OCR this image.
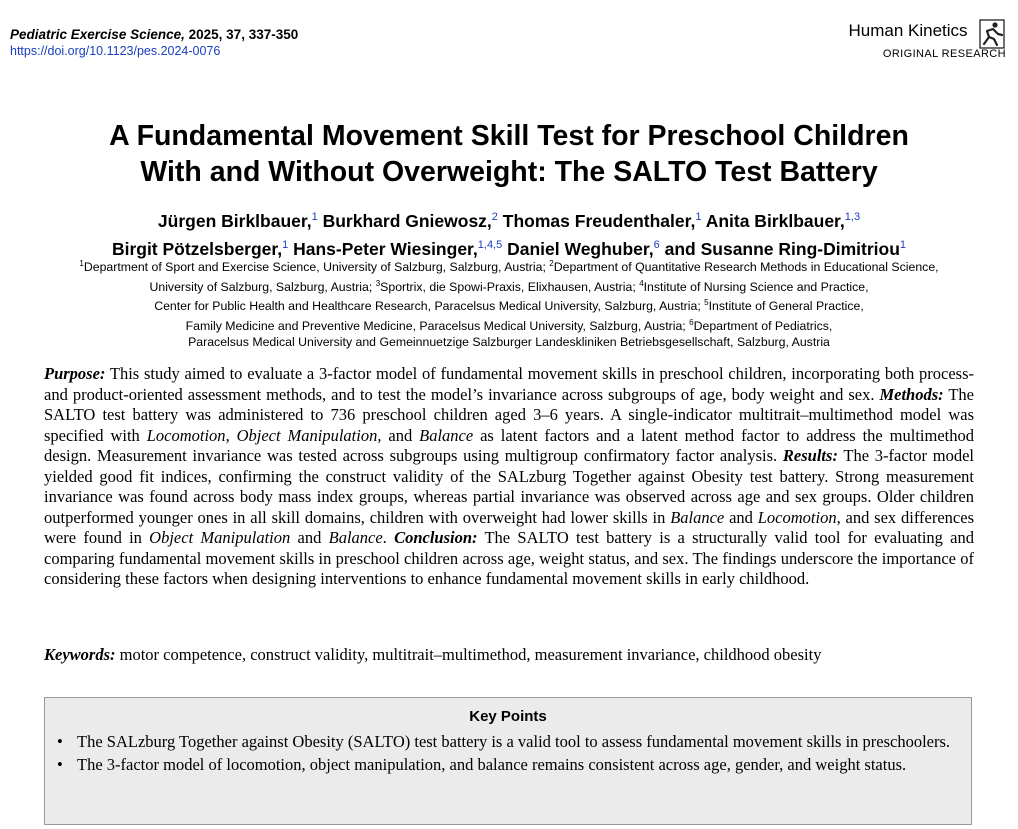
Pediatric Exercise Science, 2025, 37, 337-350
https://doi.org/10.1123/pes.2024-0076
Human Kinetics
ORIGINAL RESEARCH
A Fundamental Movement Skill Test for Preschool Children
With and Without Overweight: The SALTO Test Battery
Jürgen Birklbauer,$^1$ Burkhard Gniewosz,$^2$ Thomas Freudenthaler,$^1$ Anita Birklbauer,$^{1,3}$
Birgit Pötzelsberger,$^1$ Hans-Peter Wiesinger,$^{1,4,5}$ Daniel Weghuber,$^6$ and Susanne Ring-Dimitriou$^1$
$^1$Department of Sport and Exercise Science, University of Salzburg, Salzburg, Austria; $^2$Department of Quantitative Research Methods in Educational Science,
University of Salzburg, Salzburg, Austria; $^3$Sportrix, die Spowi-Praxis, Elixhausen, Austria; $^4$Institute of Nursing Science and Practice,
Center for Public Health and Healthcare Research, Paracelsus Medical University, Salzburg, Austria; $^5$Institute of General Practice,
Family Medicine and Preventive Medicine, Paracelsus Medical University, Salzburg, Austria; $^6$Department of Pediatrics,
Paracelsus Medical University and Gemeinnuetzige Salzburger Landeskliniken Betriebsgesellschaft, Salzburg, Austria
Purpose: This study aimed to evaluate a 3-factor model of fundamental movement skills in preschool children, incorporating both process- and product-oriented assessment methods, and to test the model’s invariance across subgroups of age, body weight and sex. Methods: The SALTO test battery was administered to 736 preschool children aged 3–6 years. A single-indicator multitrait–multimethod model was specified with Locomotion, Object Manipulation, and Balance as latent factors and a latent method factor to address the multimethod design. Measurement invariance was tested across subgroups using multigroup confirmatory factor analysis. Results: The 3-factor model yielded good fit indices, confirming the construct validity of the SALzburg Together against Obesity test battery. Strong measurement invariance was found across body mass index groups, whereas partial invariance was observed across age and sex groups. Older children outperformed younger ones in all skill domains, children with overweight had lower skills in Balance and Locomotion, and sex differences were found in Object Manipulation and Balance. Conclusion: The SALTO test battery is a structurally valid tool for evaluating and comparing fundamental movement skills in preschool children across age, weight status, and sex. The findings underscore the importance of considering these factors when designing interventions to enhance fundamental movement skills in early childhood.
Keywords: motor competence, construct validity, multitrait–multimethod, measurement invariance, childhood obesity
Key Points
• The SALzburg Together against Obesity (SALTO) test battery is a valid tool to assess fundamental movement skills in preschoolers.
• The 3-factor model of locomotion, object manipulation, and balance remains consistent across age, gender, and weight status.
